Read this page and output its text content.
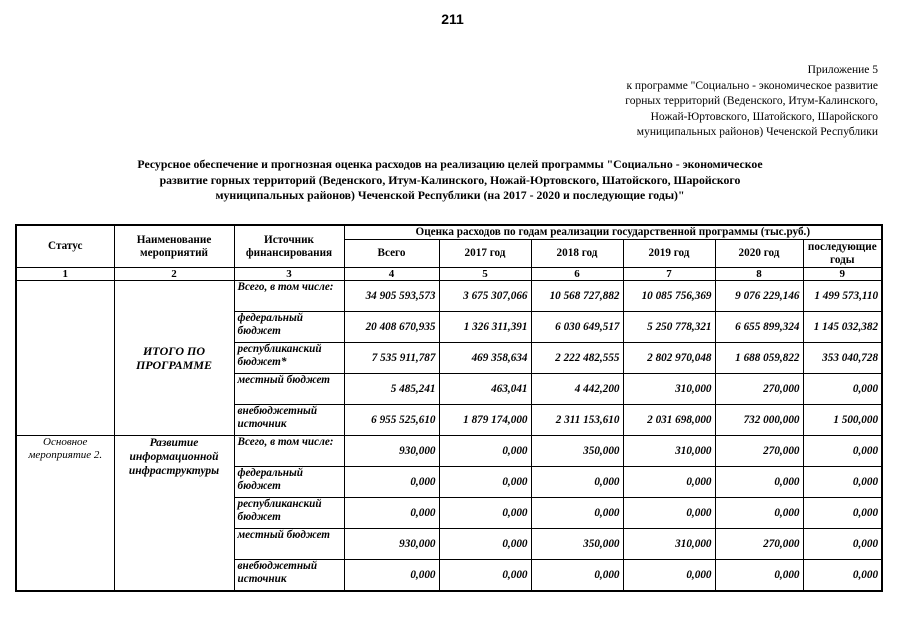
211
Приложение 5
к программе "Социально - экономическое развитие
горных территорий (Веденского, Итум-Калинского,
Ножай-Юртовского, Шатойского, Шаройского
муниципальных районов) Чеченской Республики
Ресурсное обеспечение и прогнозная оценка расходов на реализацию целей программы "Социально - экономическое
развитие горных территорий (Веденского, Итум-Калинского, Ножай-Юртовского, Шатойского, Шаройского
муниципальных районов) Чеченской Республики (на 2017 - 2020 и последующие годы)"
Статус	Наименование мероприятий	Источник финансирования	Оценка расходов по годам реализации государственной программы (тыс.руб.)					
			Всего	2017 год	2018 год	2019 год	2020 год	последующие годы
1	2	3	4	5	6	7	8	9
	ИТОГО ПО ПРОГРАММЕ	Всего, в том числе:	34 905 593,573	3 675 307,066	10 568 727,882	10 085 756,369	9 076 229,146	1 499 573,110
		федеральный бюджет	20 408 670,935	1 326 311,391	6 030 649,517	5 250 778,321	6 655 899,324	1 145 032,382
		республиканский бюджет*	7 535 911,787	469 358,634	2 222 482,555	2 802 970,048	1 688 059,822	353 040,728
		местный бюджет	5 485,241	463,041	4 442,200	310,000	270,000	0,000
		внебюджетный источник	6 955 525,610	1 879 174,000	2 311 153,610	2 031 698,000	732 000,000	1 500,000
Основное мероприятие 2.	Развитие информационной инфраструктуры	Всего, в том числе:	930,000	0,000	350,000	310,000	270,000	0,000
		федеральный бюджет	0,000	0,000	0,000	0,000	0,000	0,000
		республиканский бюджет	0,000	0,000	0,000	0,000	0,000	0,000
		местный бюджет	930,000	0,000	350,000	310,000	270,000	0,000
		внебюджетный источник	0,000	0,000	0,000	0,000	0,000	0,000
